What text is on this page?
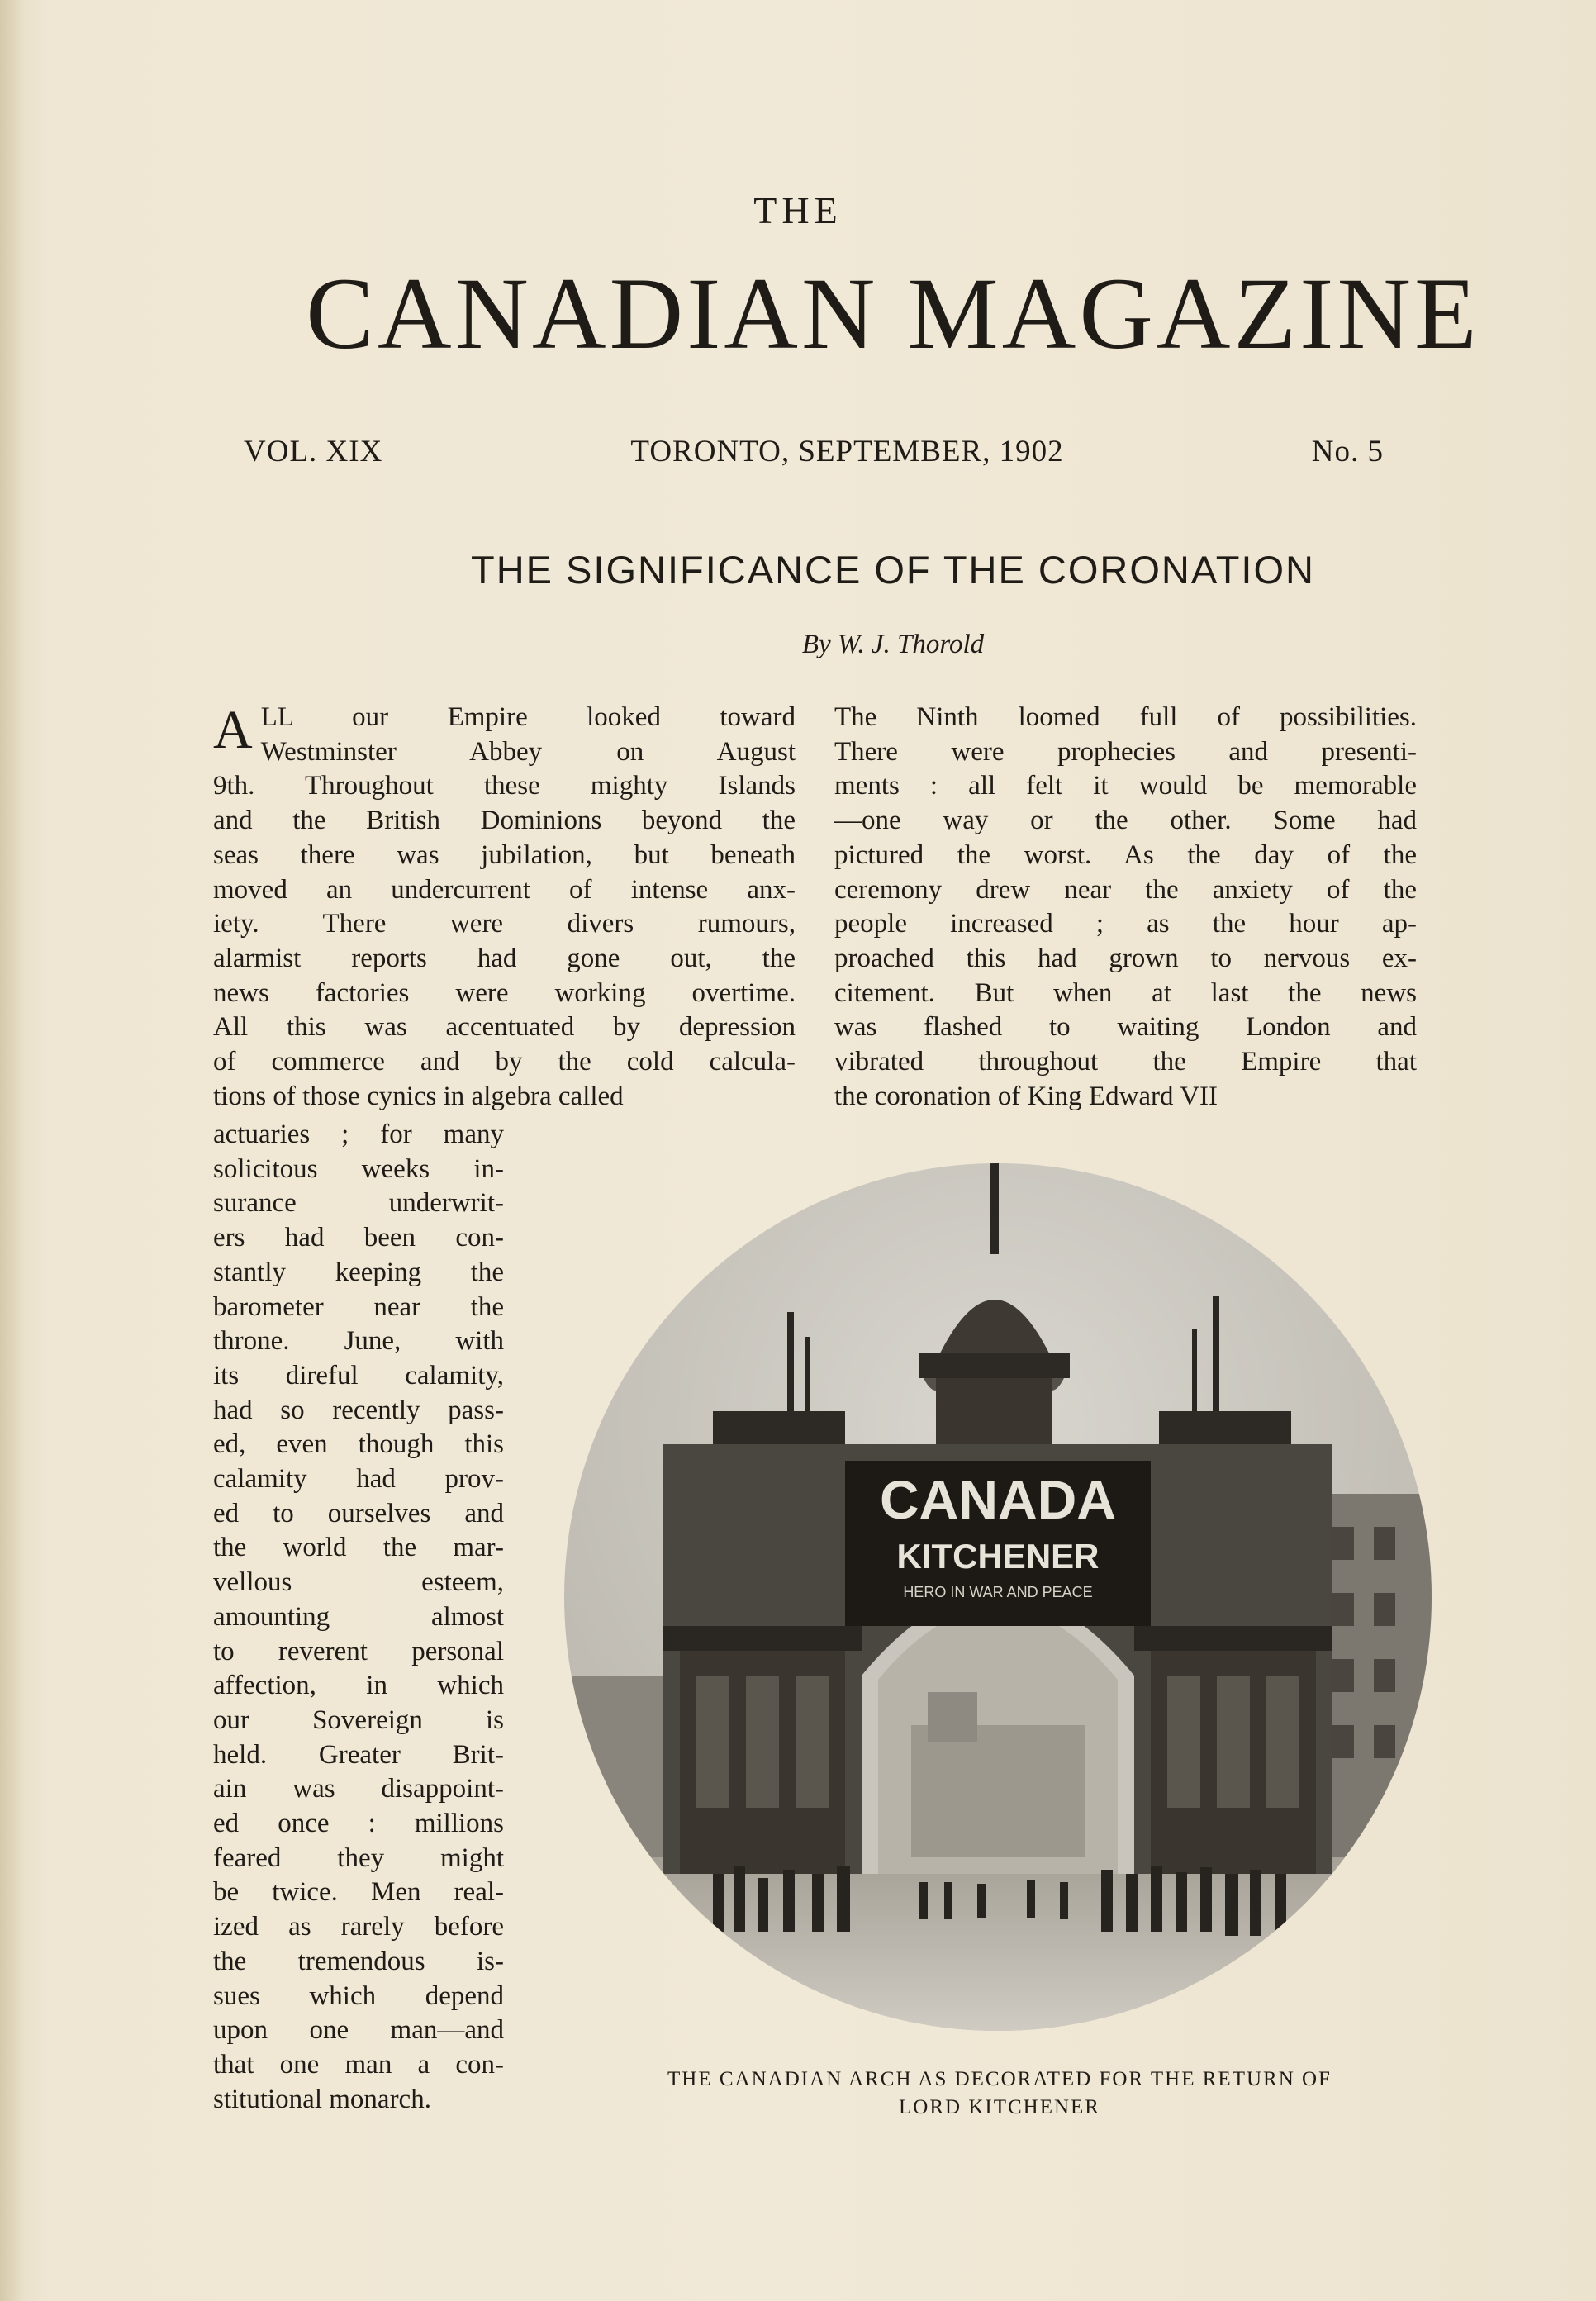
THE
CANADIAN MAGAZINE
VOL. XIX	TORONTO, SEPTEMBER, 1902	No. 5
THE SIGNIFICANCE OF THE CORONATION
By W. J. Thorold
A LL our Empire looked toward
Westminster Abbey on August
9th. Throughout these mighty Islands
and the British Dominions beyond the
seas there was jubilation, but beneath
moved an undercurrent of intense anx-
iety. There were divers rumours,
alarmist reports had gone out, the
news factories were working overtime.
All this was accentuated by depression
of commerce and by the cold calcula-
tions of those cynics in algebra called
The Ninth loomed full of possibilities.
There were prophecies and presenti-
ments : all felt it would be memorable
—one way or the other. Some had
pictured the worst. As the day of the
ceremony drew near the anxiety of the
people increased ; as the hour ap-
proached this had grown to nervous ex-
citement. But when at last the news
was flashed to waiting London and
vibrated throughout the Empire that
the coronation of King Edward VII
actuaries ; for many
solicitous weeks in-
surance underwrit-
ers had been con-
stantly keeping the
barometer near the
throne. June, with
its direful calamity,
had so recently pass-
ed, even though this
calamity had prov-
ed to ourselves and
the world the mar-
vellous esteem,
amounting almost
to reverent personal
affection, in which
our Sovereign is
held. Greater Brit-
ain was disappoint-
ed once : millions
feared they might
be twice. Men real-
ized as rarely before
the tremendous is-
sues which depend
upon one man—and
that one man a con-
stitutional monarch.
CANADA
KITCHENER
HERO IN WAR AND PEACE
THE CANADIAN ARCH AS DECORATED FOR THE RETURN OF
LORD KITCHENER
